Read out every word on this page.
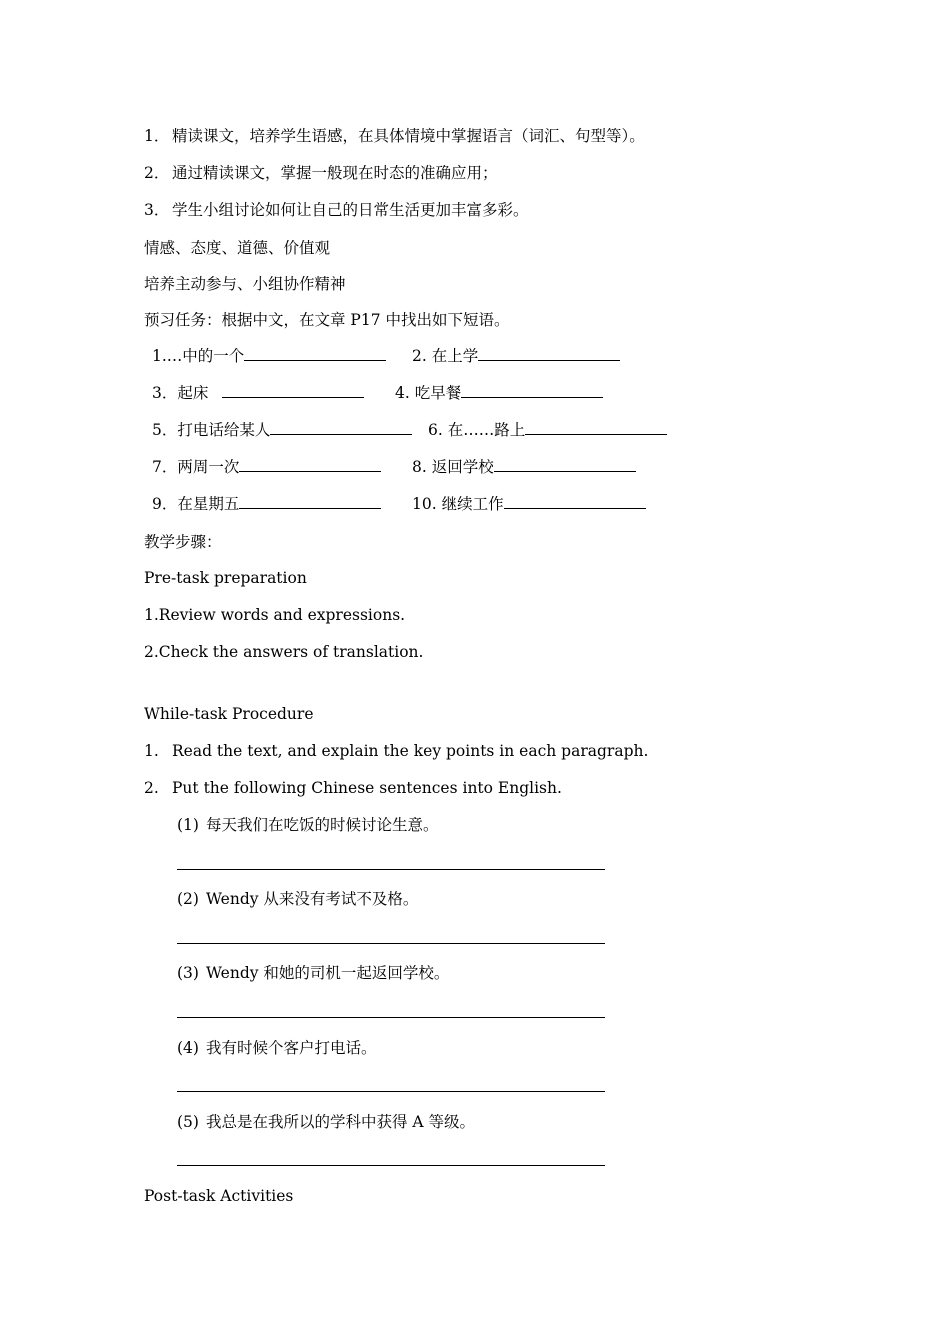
1． 精读课文，培养学生语感，在具体情境中掌握语言（词汇、句型等）。
2． 通过精读课文，掌握一般现在时态的准确应用；
3． 学生小组讨论如何让自己的日常生活更加丰富多彩。
情感、态度、道德、价值观
培养主动参与、小组协作精神
预习任务：根据中文，在文章 P17 中找出如下短语。
1.…中的一个	2. 在上学
3．起床	4. 吃早餐
5．打电话给某人	6. 在……路上
7．两周一次	8. 返回学校
9．在星期五	10. 继续工作
教学步骤：
Pre-task preparation
1.Review words and expressions.
2.Check the answers of translation.
While-task Procedure
1. Read the text, and explain the key points in each paragraph.
2. Put the following Chinese sentences into English.
(1) 每天我们在吃饭的时候讨论生意。
(2) Wendy 从来没有考试不及格。
(3) Wendy 和她的司机一起返回学校。
(4) 我有时候个客户打电话。
(5) 我总是在我所以的学科中获得 A 等级。
Post-task Activities
